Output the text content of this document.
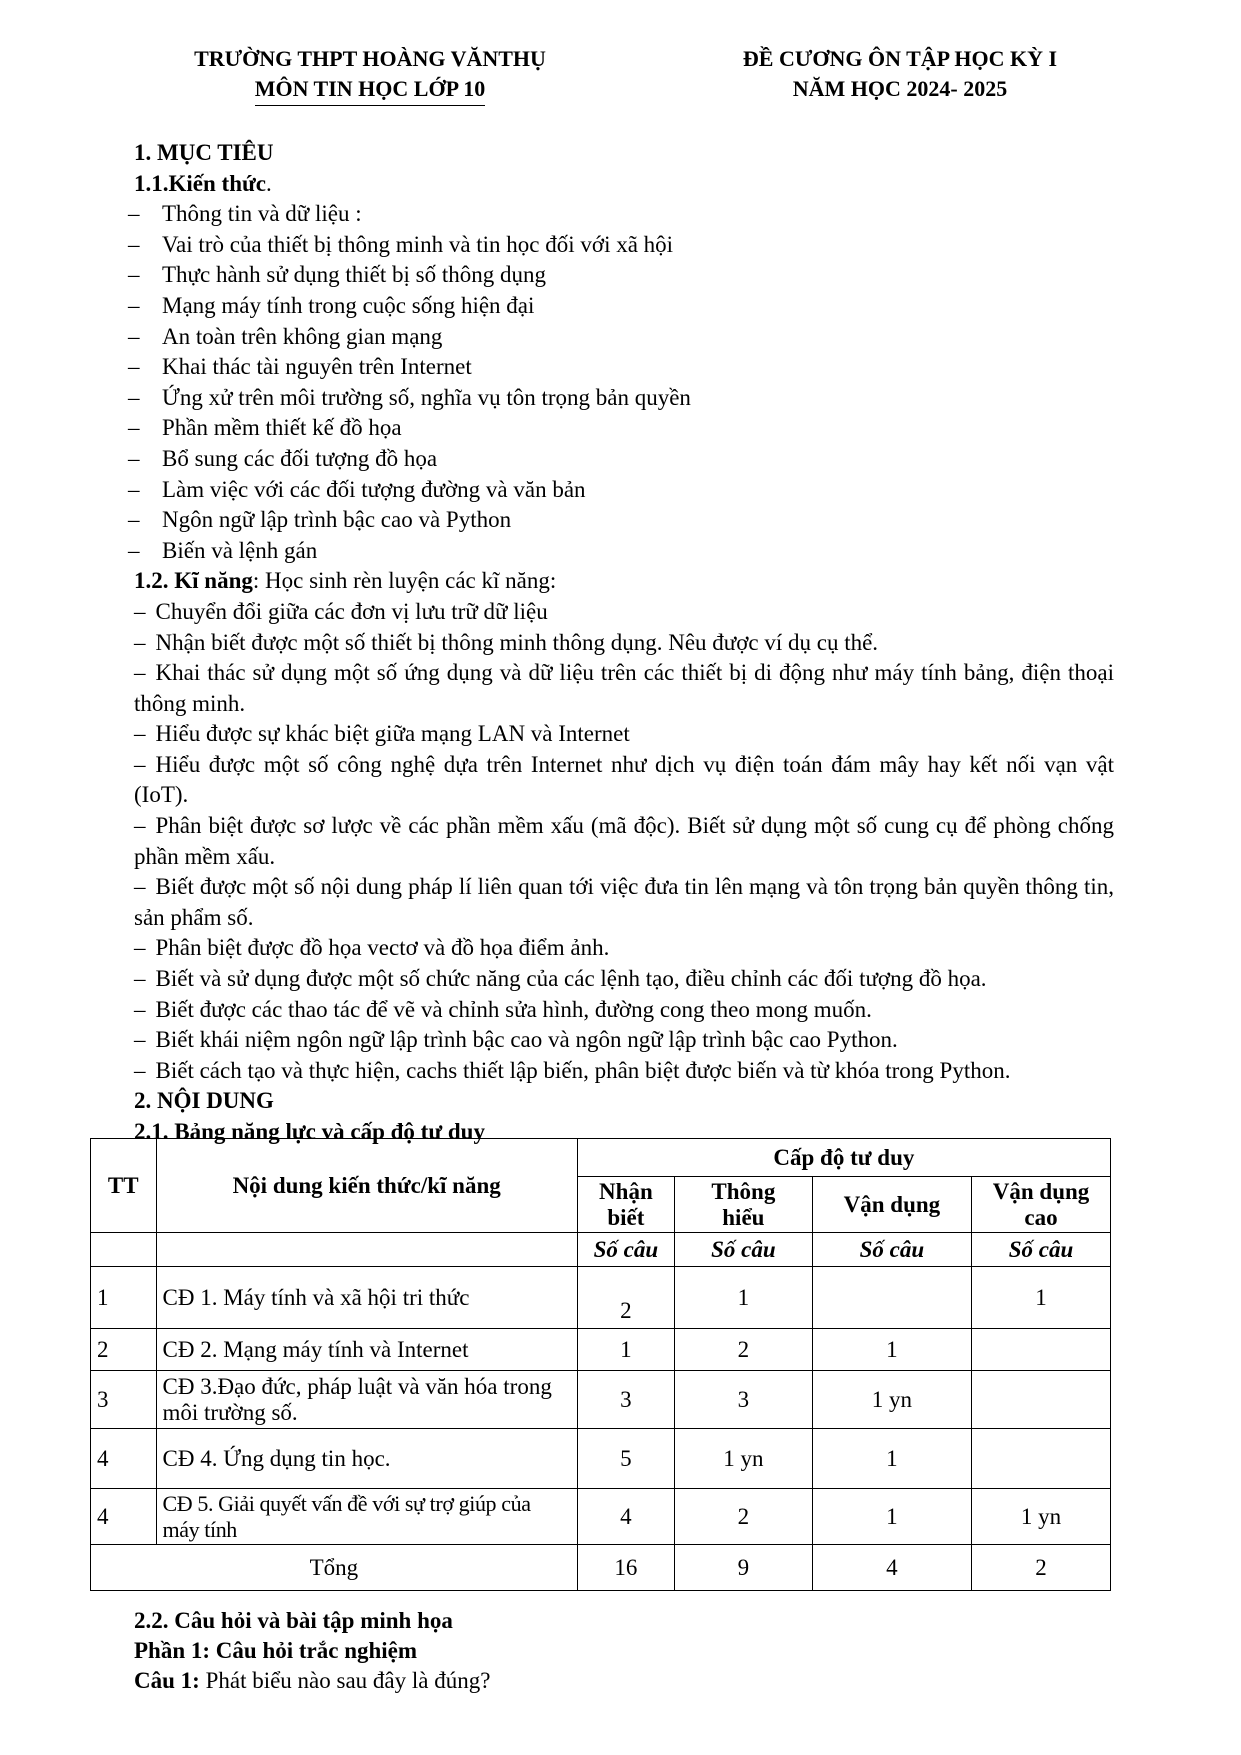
TRƯỜNG THPT HOÀNG VĂNTHỤ
MÔN TIN HỌC LỚP 10
ĐỀ CƯƠNG ÔN TẬP HỌC KỲ I
NĂM HỌC 2024- 2025
1. MỤC TIÊU
1.1.Kiến thức.
– Thông tin và dữ liệu :
– Vai trò của thiết bị thông minh và tin học đối với xã hội
– Thực hành sử dụng thiết bị số thông dụng
– Mạng máy tính trong cuộc sống hiện đại
– An toàn trên không gian mạng
– Khai thác tài nguyên trên Internet
– Ứng xử trên môi trường số, nghĩa vụ tôn trọng bản quyền
– Phần mềm thiết kế đồ họa
– Bổ sung các đối tượng đồ họa
– Làm việc với các đối tượng đường và văn bản
– Ngôn ngữ lập trình bậc cao và Python
– Biến và lệnh gán
1.2. Kĩ năng: Học sinh rèn luyện các kĩ năng:
– Chuyển đổi giữa các đơn vị lưu trữ dữ liệu
– Nhận biết được một số thiết bị thông minh thông dụng. Nêu được ví dụ cụ thể.
– Khai thác sử dụng một số ứng dụng và dữ liệu trên các thiết bị di động như máy tính bảng, điện thoại thông minh.
– Hiểu được sự khác biệt giữa mạng LAN và Internet
– Hiểu được một số công nghệ dựa trên Internet như dịch vụ điện toán đám mây hay kết nối vạn vật (IoT).
– Phân biệt được sơ lược về các phần mềm xấu (mã độc). Biết sử dụng một số cung cụ để phòng chống phần mềm xấu.
– Biết được một số nội dung pháp lí liên quan tới việc đưa tin lên mạng và tôn trọng bản quyền thông tin, sản phẩm số.
– Phân biệt được đồ họa vectơ và đồ họa điểm ảnh.
– Biết và sử dụng được một số chức năng của các lệnh tạo, điều chỉnh các đối tượng đồ họa.
– Biết được các thao tác để vẽ và chỉnh sửa hình, đường cong theo mong muốn.
– Biết khái niệm ngôn ngữ lập trình bậc cao và ngôn ngữ lập trình bậc cao Python.
– Biết cách tạo và thực hiện, cachs thiết lập biến, phân biệt được biến và từ khóa trong Python.
2. NỘI DUNG
2.1. Bảng năng lực và cấp độ tư duy
TT	Nội dung kiến thức/kĩ năng	Cấp độ tư duy			
		Nhận
biết	Thông
hiểu	Vận dụng	Vận dụng
cao
		Số câu	Số câu	Số câu	Số câu
1	CĐ 1. Máy tính và xã hội tri thức	2	1		1
2	CĐ 2. Mạng máy tính và Internet	1	2	1	
3	CĐ 3.Đạo đức, pháp luật và văn hóa trong môi trường số.	3	3	1 yn	
4	CĐ 4. Ứng dụng tin học.	5	1 yn	1	
4	CĐ 5. Giải quyết vấn đề với sự trợ giúp của máy tính	4	2	1	1 yn
Tổng		16	9	4	2
2.2. Câu hỏi và bài tập minh họa
Phần 1: Câu hỏi trắc nghiệm
Câu 1: Phát biểu nào sau đây là đúng?
